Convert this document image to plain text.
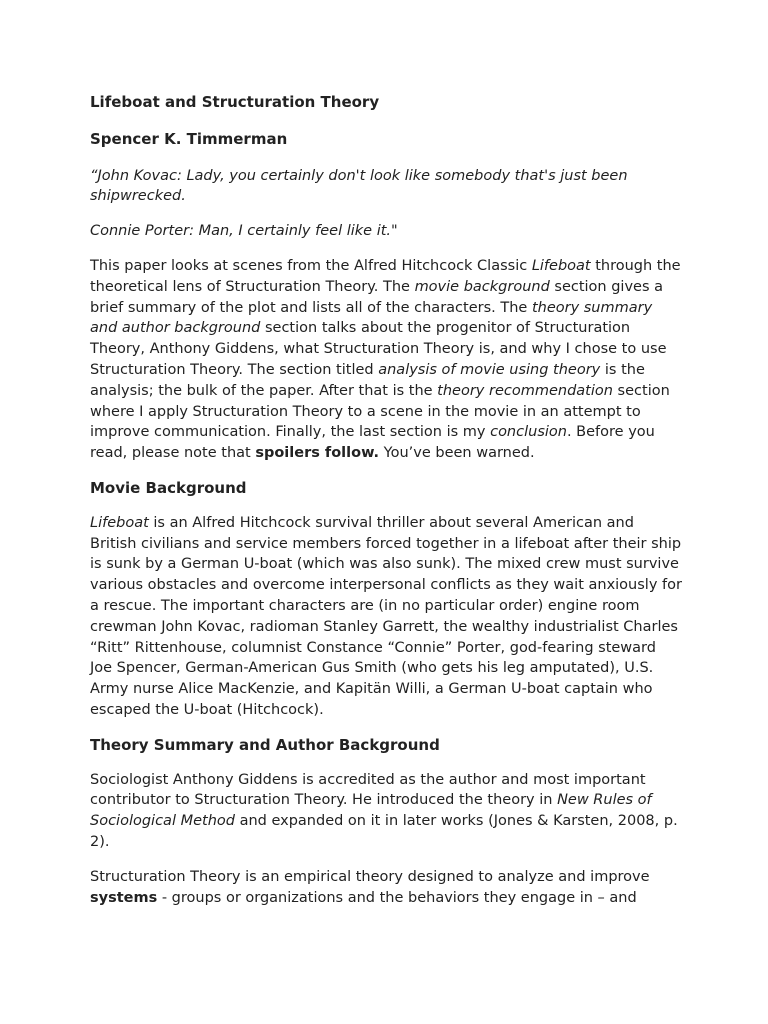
Lifeboat and Structuration Theory

Spencer K. Timmerman

“John Kovac: Lady, you certainly don't look like somebody that's just been shipwrecked.

Connie Porter: Man, I certainly feel like it."

This paper looks at scenes from the Alfred Hitchcock Classic Lifeboat through the theoretical lens of Structuration Theory. The movie background section gives a brief summary of the plot and lists all of the characters. The theory summary and author background section talks about the progenitor of Structuration Theory, Anthony Giddens, what Structuration Theory is, and why I chose to use Structuration Theory. The section titled analysis of movie using theory is the analysis; the bulk of the paper. After that is the theory recommendation section where I apply Structuration Theory to a scene in the movie in an attempt to improve communication. Finally, the last section is my conclusion. Before you read, please note that spoilers follow. You’ve been warned.

Movie Background

Lifeboat is an Alfred Hitchcock survival thriller about several American and British civilians and service members forced together in a lifeboat after their ship is sunk by a German U-boat (which was also sunk). The mixed crew must survive various obstacles and overcome interpersonal conflicts as they wait anxiously for a rescue. The important characters are (in no particular order) engine room crewman John Kovac, radioman Stanley Garrett, the wealthy industrialist Charles “Ritt” Rittenhouse, columnist Constance “Connie” Porter, god-fearing steward Joe Spencer, German-American Gus Smith (who gets his leg amputated), U.S. Army nurse Alice MacKenzie, and Kapitän Willi, a German U-boat captain who escaped the U-boat (Hitchcock).

Theory Summary and Author Background

Sociologist Anthony Giddens is accredited as the author and most important contributor to Structuration Theory. He introduced the theory in New Rules of Sociological Method and expanded on it in later works (Jones & Karsten, 2008, p. 2).

Structuration Theory is an empirical theory designed to analyze and improve systems - groups or organizations and the behaviors they engage in – and
